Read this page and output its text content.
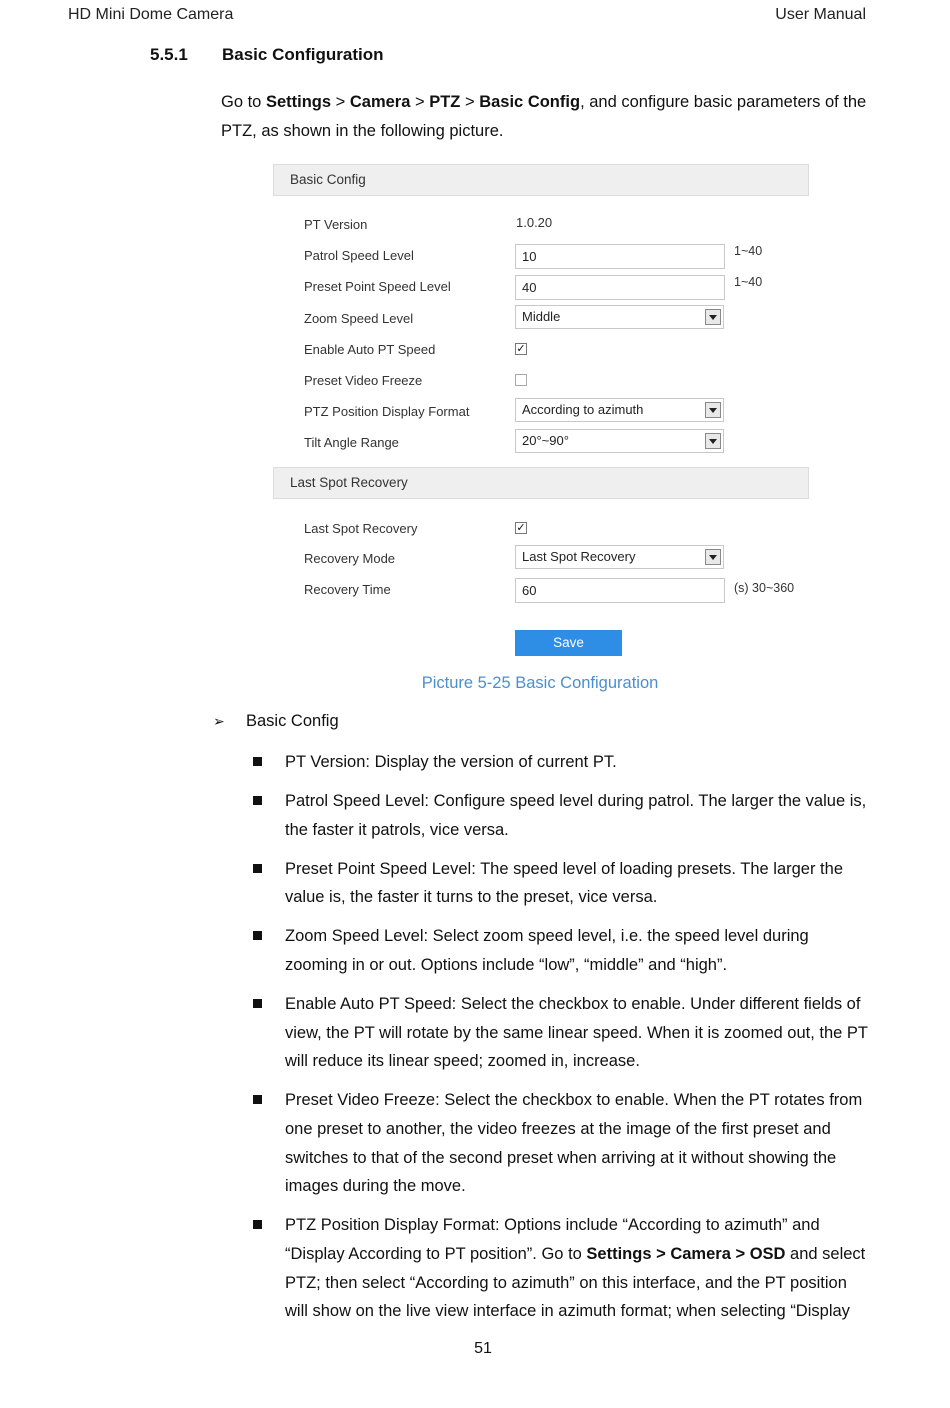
HD Mini Dome Camera	User Manual
5.5.1 Basic Configuration
Go to Settings > Camera > PTZ > Basic Config, and configure basic parameters of the PTZ, as shown in the following picture.
Basic Config
PT Version	1.0.20
Patrol Speed Level	10	1~40
Preset Point Speed Level	40	1~40
Zoom Speed Level	Middle
Enable Auto PT Speed	✓
Preset Video Freeze
PTZ Position Display Format	According to azimuth
Tilt Angle Range	20°~90°
Last Spot Recovery
Last Spot Recovery	✓
Recovery Mode	Last Spot Recovery
Recovery Time	60	(s) 30~360
Save
Picture 5-25 Basic Configuration
➢ Basic Config
PT Version: Display the version of current PT.
Patrol Speed Level: Configure speed level during patrol. The larger the value is, the faster it patrols, vice versa.
Preset Point Speed Level: The speed level of loading presets. The larger the value is, the faster it turns to the preset, vice versa.
Zoom Speed Level: Select zoom speed level, i.e. the speed level during zooming in or out. Options include “low”, “middle” and “high”.
Enable Auto PT Speed: Select the checkbox to enable. Under different fields of view, the PT will rotate by the same linear speed. When it is zoomed out, the PT will reduce its linear speed; zoomed in, increase.
Preset Video Freeze: Select the checkbox to enable. When the PT rotates from one preset to another, the video freezes at the image of the first preset and switches to that of the second preset when arriving at it without showing the images during the move.
PTZ Position Display Format: Options include “According to azimuth” and “Display According to PT position”. Go to Settings > Camera > OSD and select PTZ; then select “According to azimuth” on this interface, and the PT position will show on the live view interface in azimuth format; when selecting “Display
51
